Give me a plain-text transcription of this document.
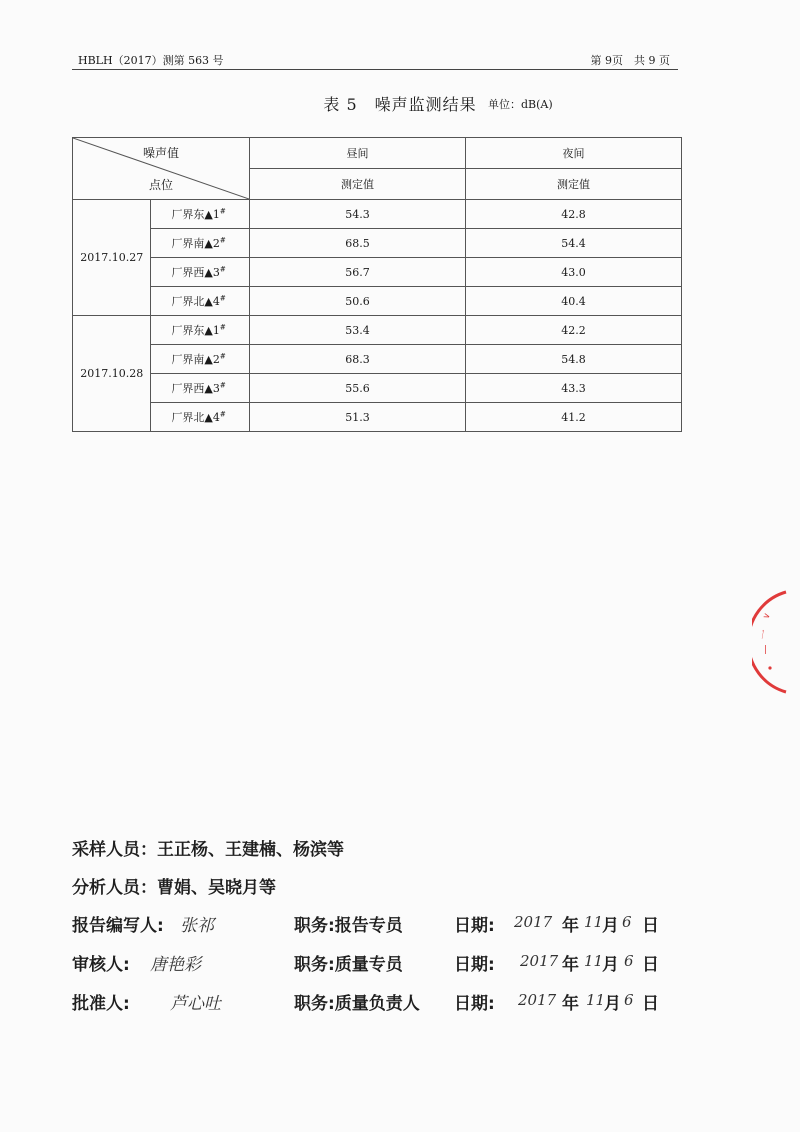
HBLH（2017）测第 563 号	第 9页　共 9 页
表 5　噪声监测结果 单位：dB(A)
噪声值
点位		昼间	夜间
		测定值	测定值
2017.10.27	厂界东▲1#	54.3	42.8
	厂界南▲2#	68.5	54.4
	厂界西▲3#	56.7	43.0
	厂界北▲4#	50.6	40.4
2017.10.28	厂界东▲1#	53.4	42.2
	厂界南▲2#	68.3	54.8
	厂界西▲3#	55.6	43.3
	厂界北▲4#	51.3	41.2
∨
一
|
采样人员：王正杨、王建楠、杨滨等
分析人员：曹娟、吴晓月等
报告编写人: 张祁	职务:报告专员	日期: 2017 年 11
月 6 日
审核人: 唐艳彩	职务:质量专员	日期: 2017 年 11
月 6 日
批准人: 芦心吐	职务:质量负责人 日期: 2017 年 11
月 6 日
